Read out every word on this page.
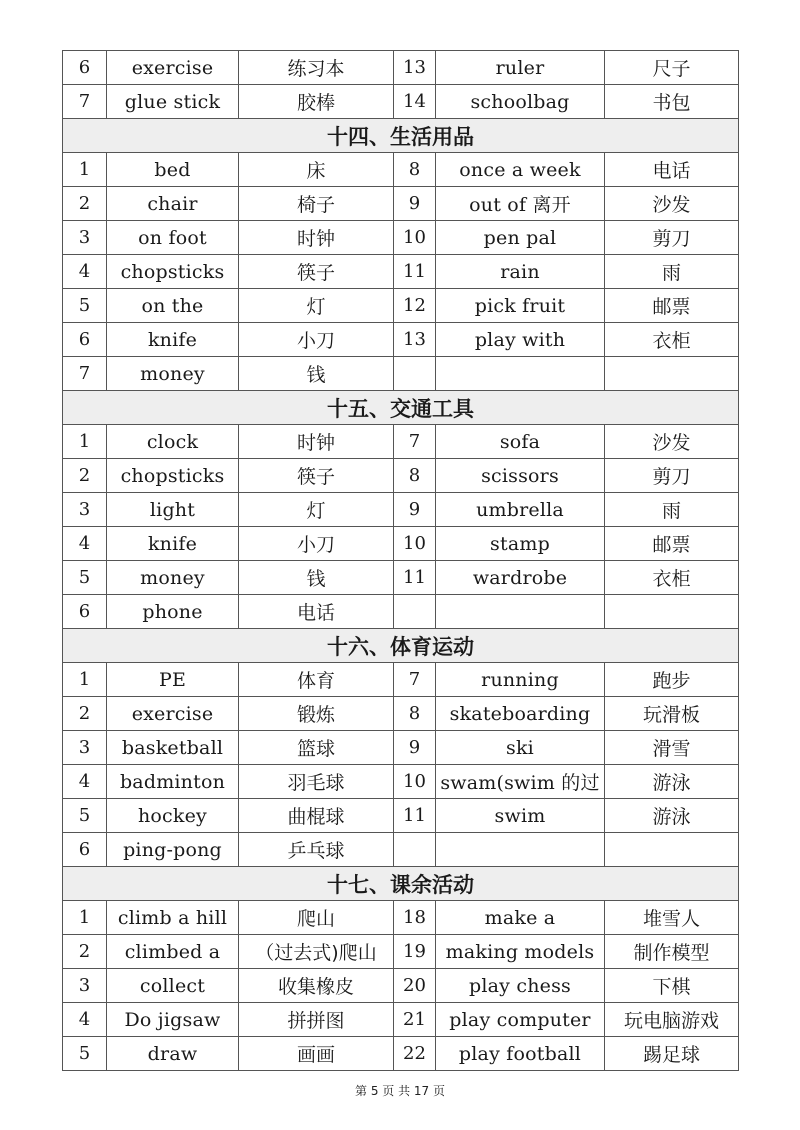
6	exercise	练习本	13	ruler	尺子
7	glue stick	胶棒	14	schoolbag	书包
十四、生活用品					
1	bed	床	8	once a week	电话
2	chair	椅子	9	out of 离开	沙发
3	on foot	时钟	10	pen pal	剪刀
4	chopsticks	筷子	11	rain	雨
5	on the	灯	12	pick fruit	邮票
6	knife	小刀	13	play with	衣柜
7	money	钱			
十五、交通工具					
1	clock	时钟	7	sofa	沙发
2	chopsticks	筷子	8	scissors	剪刀
3	light	灯	9	umbrella	雨
4	knife	小刀	10	stamp	邮票
5	money	钱	11	wardrobe	衣柜
6	phone	电话			
十六、体育运动					
1	PE	体育	7	running	跑步
2	exercise	锻炼	8	skateboarding	玩滑板
3	basketball	篮球	9	ski	滑雪
4	badminton	羽毛球	10	swam(swim 的过	游泳
5	hockey	曲棍球	11	swim	游泳
6	ping-pong	乒乓球			
十七、课余活动					
1	climb a hill	爬山	18	make a	堆雪人
2	climbed a	（过去式)爬山	19	making models	制作模型
3	collect	收集橡皮	20	play chess	下棋
4	Do jigsaw	拼拼图	21	play computer	玩电脑游戏
5	draw	画画	22	play football	踢足球
第 5 页 共 17 页
